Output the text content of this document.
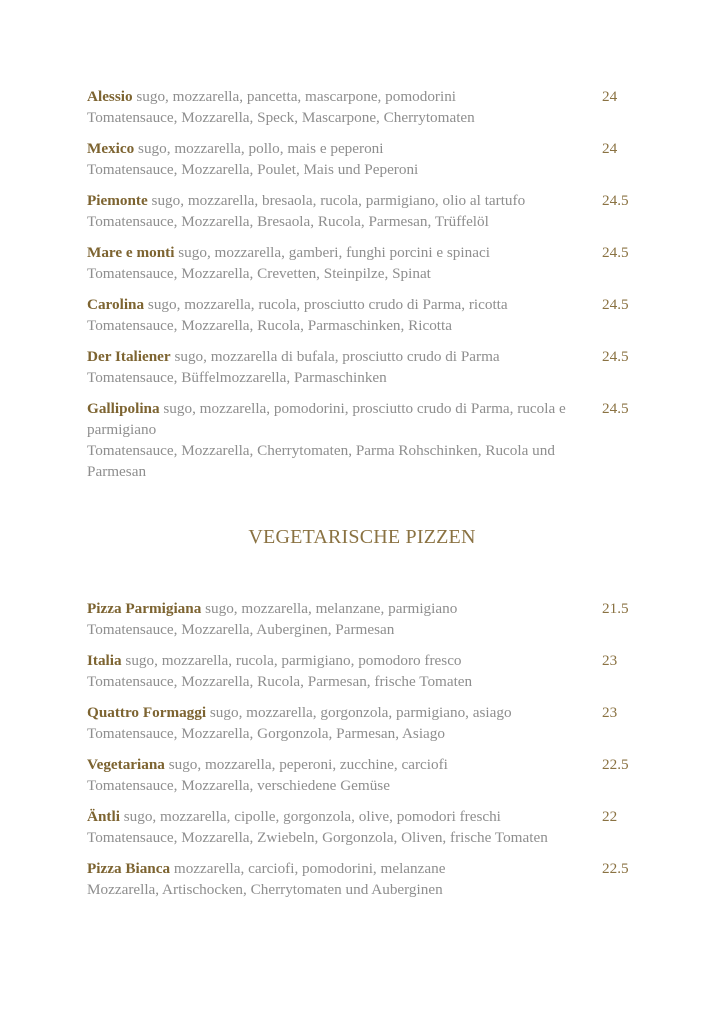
Alessio sugo, mozzarella, pancetta, mascarpone, pomodorini
Tomatensauce, Mozzarella, Speck, Mascarpone, Cherrytomaten
24
Mexico sugo, mozzarella, pollo, mais e peperoni
Tomatensauce, Mozzarella, Poulet, Mais und Peperoni
24
Piemonte sugo, mozzarella, bresaola, rucola, parmigiano, olio al tartufo
Tomatensauce, Mozzarella, Bresaola, Rucola, Parmesan, Trüffelöl
24.5
Mare e monti sugo, mozzarella, gamberi, funghi porcini e spinaci
Tomatensauce, Mozzarella, Crevetten, Steinpilze, Spinat
24.5
Carolina sugo, mozzarella, rucola, prosciutto crudo di Parma, ricotta
Tomatensauce, Mozzarella, Rucola, Parmaschinken, Ricotta
24.5
Der Italiener sugo, mozzarella di bufala, prosciutto crudo di Parma
Tomatensauce, Büffelmozzarella, Parmaschinken
24.5
Gallipolina sugo, mozzarella, pomodorini, prosciutto crudo di Parma, rucola e parmigiano
Tomatensauce, Mozzarella, Cherrytomaten, Parma Rohschinken, Rucola und Parmesan
24.5
VEGETARISCHE PIZZEN
Pizza Parmigiana sugo, mozzarella, melanzane, parmigiano
Tomatensauce, Mozzarella, Auberginen, Parmesan
21.5
Italia sugo, mozzarella, rucola, parmigiano, pomodoro fresco
Tomatensauce, Mozzarella, Rucola, Parmesan, frische Tomaten
23
Quattro Formaggi sugo, mozzarella, gorgonzola, parmigiano, asiago
Tomatensauce, Mozzarella, Gorgonzola, Parmesan, Asiago
23
Vegetariana sugo, mozzarella, peperoni, zucchine, carciofi
Tomatensauce, Mozzarella, verschiedene Gemüse
22.5
Äntli sugo, mozzarella, cipolle, gorgonzola, olive, pomodori freschi
Tomatensauce, Mozzarella, Zwiebeln, Gorgonzola, Oliven, frische Tomaten
22
Pizza Bianca mozzarella, carciofi, pomodorini, melanzane
Mozzarella, Artischocken, Cherrytomaten und Auberginen
22.5
